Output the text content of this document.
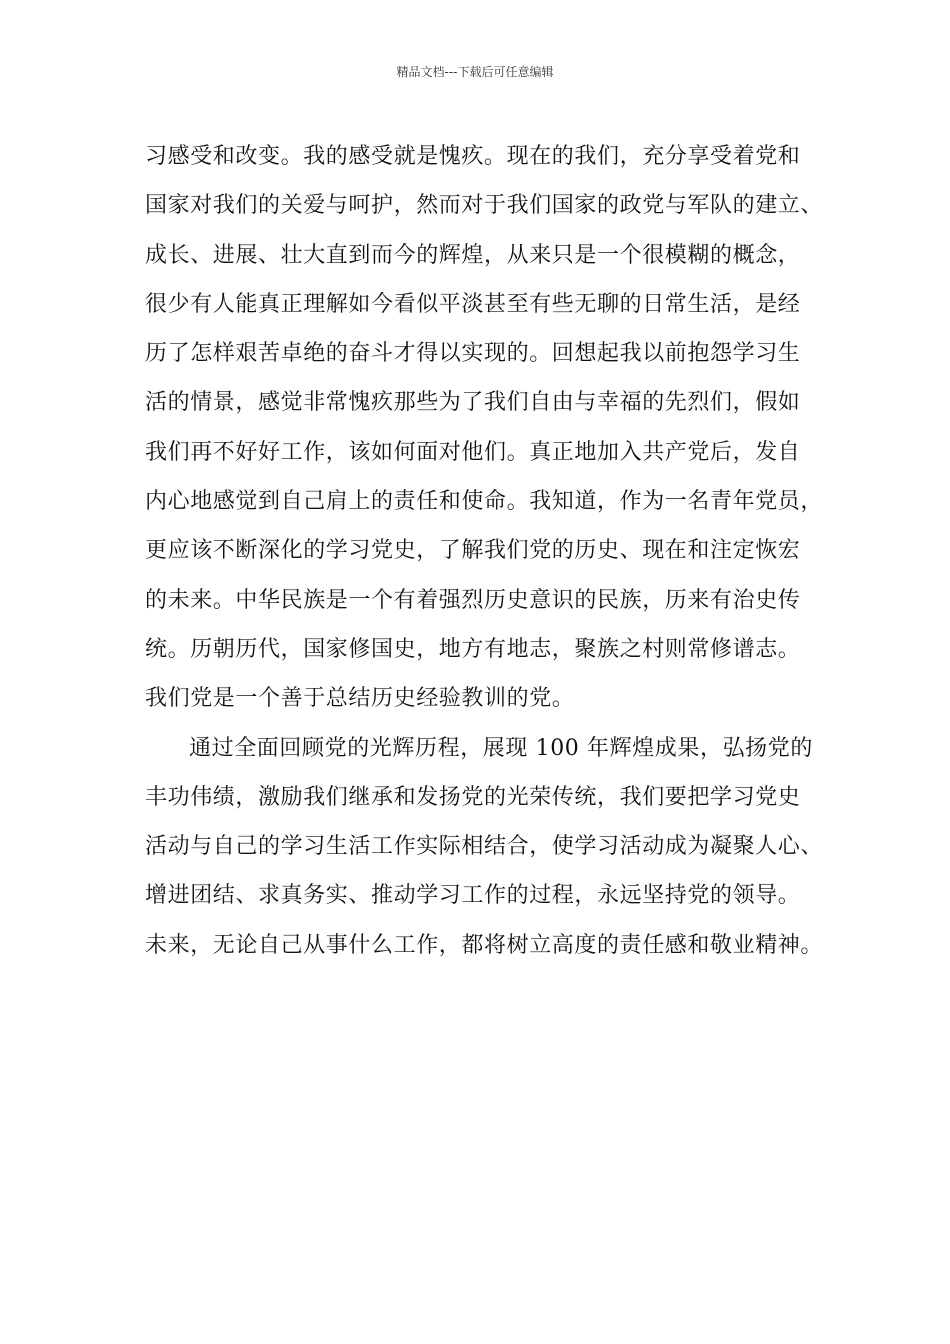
精品文档---下载后可任意编辑
习感受和改变。我的感受就是愧疚。现在的我们，充分享受着党和
国家对我们的关爱与呵护，然而对于我们国家的政党与军队的建立、
成长、进展、壮大直到而今的辉煌，从来只是一个很模糊的概念，
很少有人能真正理解如今看似平淡甚至有些无聊的日常生活，是经
历了怎样艰苦卓绝的奋斗才得以实现的。回想起我以前抱怨学习生
活的情景，感觉非常愧疚那些为了我们自由与幸福的先烈们，假如
我们再不好好工作，该如何面对他们。真正地加入共产党后，发自
内心地感觉到自己肩上的责任和使命。我知道，作为一名青年党员，
更应该不断深化的学习党史，了解我们党的历史、现在和注定恢宏
的未来。中华民族是一个有着强烈历史意识的民族，历来有治史传
统。历朝历代，国家修国史，地方有地志，聚族之村则常修谱志。
我们党是一个善于总结历史经验教训的党。
通过全面回顾党的光辉历程，展现 100 年辉煌成果，弘扬党的
丰功伟绩，激励我们继承和发扬党的光荣传统，我们要把学习党史
活动与自己的学习生活工作实际相结合，使学习活动成为凝聚人心、
增进团结、求真务实、推动学习工作的过程，永远坚持党的领导。
未来，无论自己从事什么工作，都将树立高度的责任感和敬业精神。
